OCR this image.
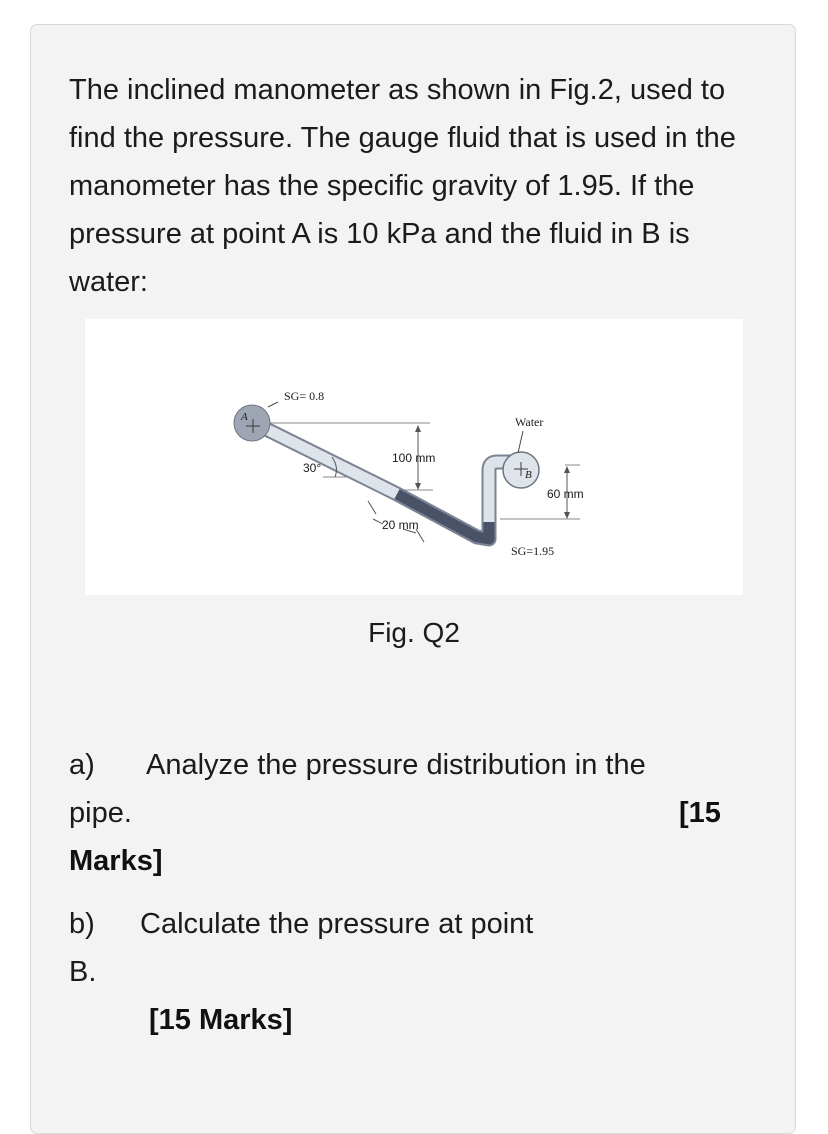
The inclined manometer as shown in Fig.2, used to find the pressure. The gauge fluid that is used in the manometer has the specific gravity of 1.95. If the pressure at point A is 10 kPa and the fluid in B is water:

A
B
SG= 0.8
Water
30°
100 mm
60 mm
20 mm
SG=1.95
Fig. Q2
a) Analyze the pressure distribution in the
pipe.	[15
Marks]
b) Calculate the pressure at point
B.
[15 Marks]
